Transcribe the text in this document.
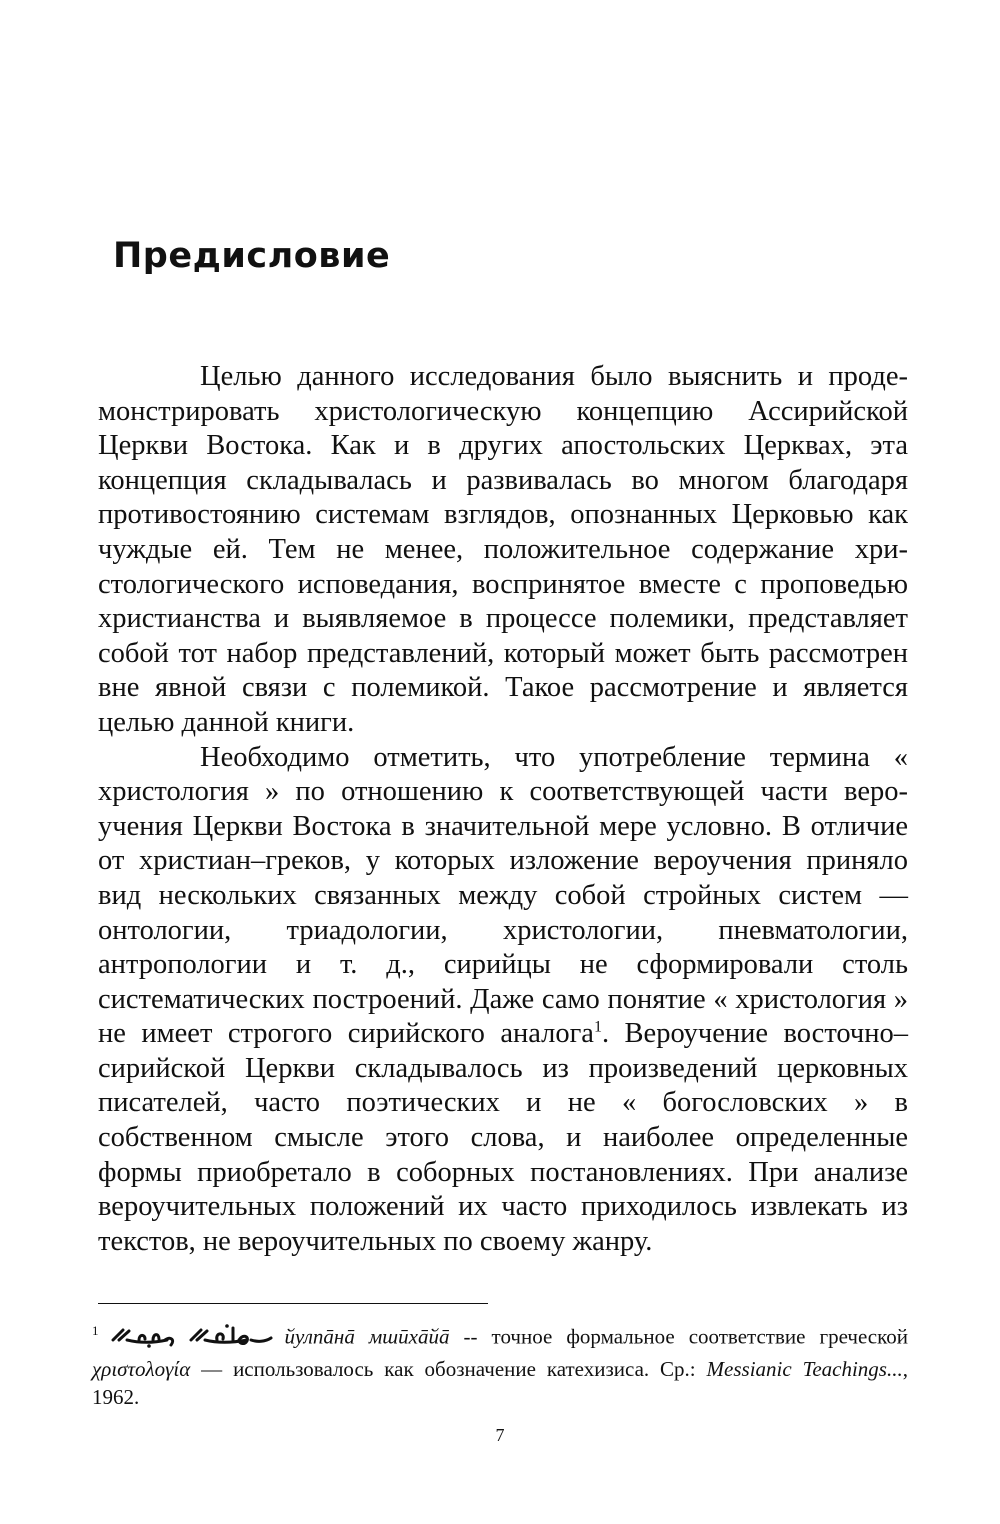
Предисловие

Целью данного исследования было выяснить и продемонстрировать христологическую концепцию Ассирийской Церкви Востока. Как и в других апостольских Церквах, эта концепция складывалась и развивалась во многом благодаря противостоянию системам взглядов, опознанных Церковью как чуждые ей. Тем не менее, положительное содержание христологического исповедания, воспринятое вместе с проповедью христианства и выявляемое в процессе полемики, представляет собой тот набор представлений, который может быть рассмотрен вне явной связи с полемикой. Такое рассмотрение и является целью данной книги.

Необходимо отметить, что употребление термина « христология » по отношению к соответствующей части вероучения Церкви Востока в значительной мере условно. В отличие от христиан–греков, у которых изложение вероучения приняло вид нескольких связанных между собой стройных систем — онтологии, триадологии, христологии, пневматологии, антропологии и т. д., сирийцы не сформировали столь систематических построений. Даже само понятие « христология » не имеет строгого сирийского аналога$^1$. Вероучение восточно–сирийской Церкви складывалось из произведений церковных писателей, часто поэтических и не « богословских » в собственном смысле этого слова, и наиболее определенные формы приобретало в соборных постановлениях. При анализе вероучительных положений их часто приходилось извлекать из текстов, не вероучительных по своему жанру.

$^1$	йулпāнā мшӣхāйā -- точное формальное соответствие греческой χριστολογία — использовалось как обозначение катехизиса. Ср.: Messianic Teachings..., 1962.
7
